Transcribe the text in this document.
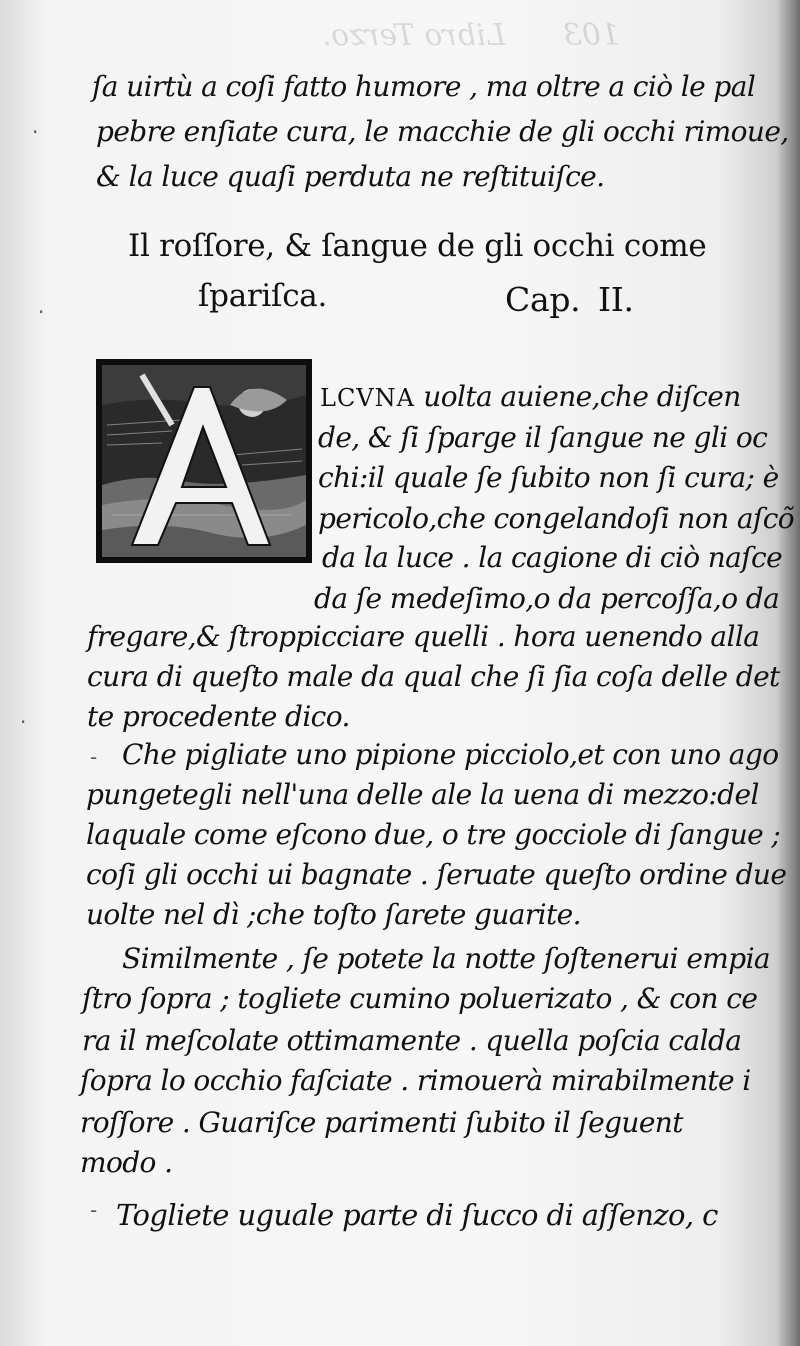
103      Libro Terzo.
ſa uirtù a coſi fatto humore , ma oltre a ciò le pal
pebre enſiate cura, le macchie de gli occhi rimoue,
& la luce quaſi perduta ne reſtituiſce.
Il roſſore, & ſangue de gli occhi come
ſpariſca.	Cap. II.
LCVNA uolta auiene,che diſcen
de, & ſi ſparge il ſangue ne gli oc
chi:il quale ſe ſubito non ſi cura; è
pericolo,che congelandoſi non aſcõ
da la luce . la cagione di ciò naſce
da ſe medeſimo,o da percoſſa,o da
fregare,& ſtroppicciare quelli . hora uenendo alla
cura di queſto male da qual che ſi ſia coſa delle det
te procedente dico.
Che pigliate uno pipione picciolo,et con uno ago
pungetegli nell'una delle ale la uena di mezzo:del
laquale come eſcono due, o tre gocciole di ſangue ;
coſi gli occhi ui bagnate . ſeruate queſto ordine due
uolte nel dì ;che toſto ſarete guarite.
Similmente , ſe potete la notte ſoſtenerui empia
ſtro ſopra ; togliete cumino poluerizato , & con ce
ra il meſcolate ottimamente . quella poſcia calda
ſopra lo occhio faſciate . rimouerà mirabilmente i
roſſore . Guariſce parimenti ſubito il ſeguent
modo .
Togliete uguale parte di ſucco di aſſenzo, c
·
·
·
-
-
